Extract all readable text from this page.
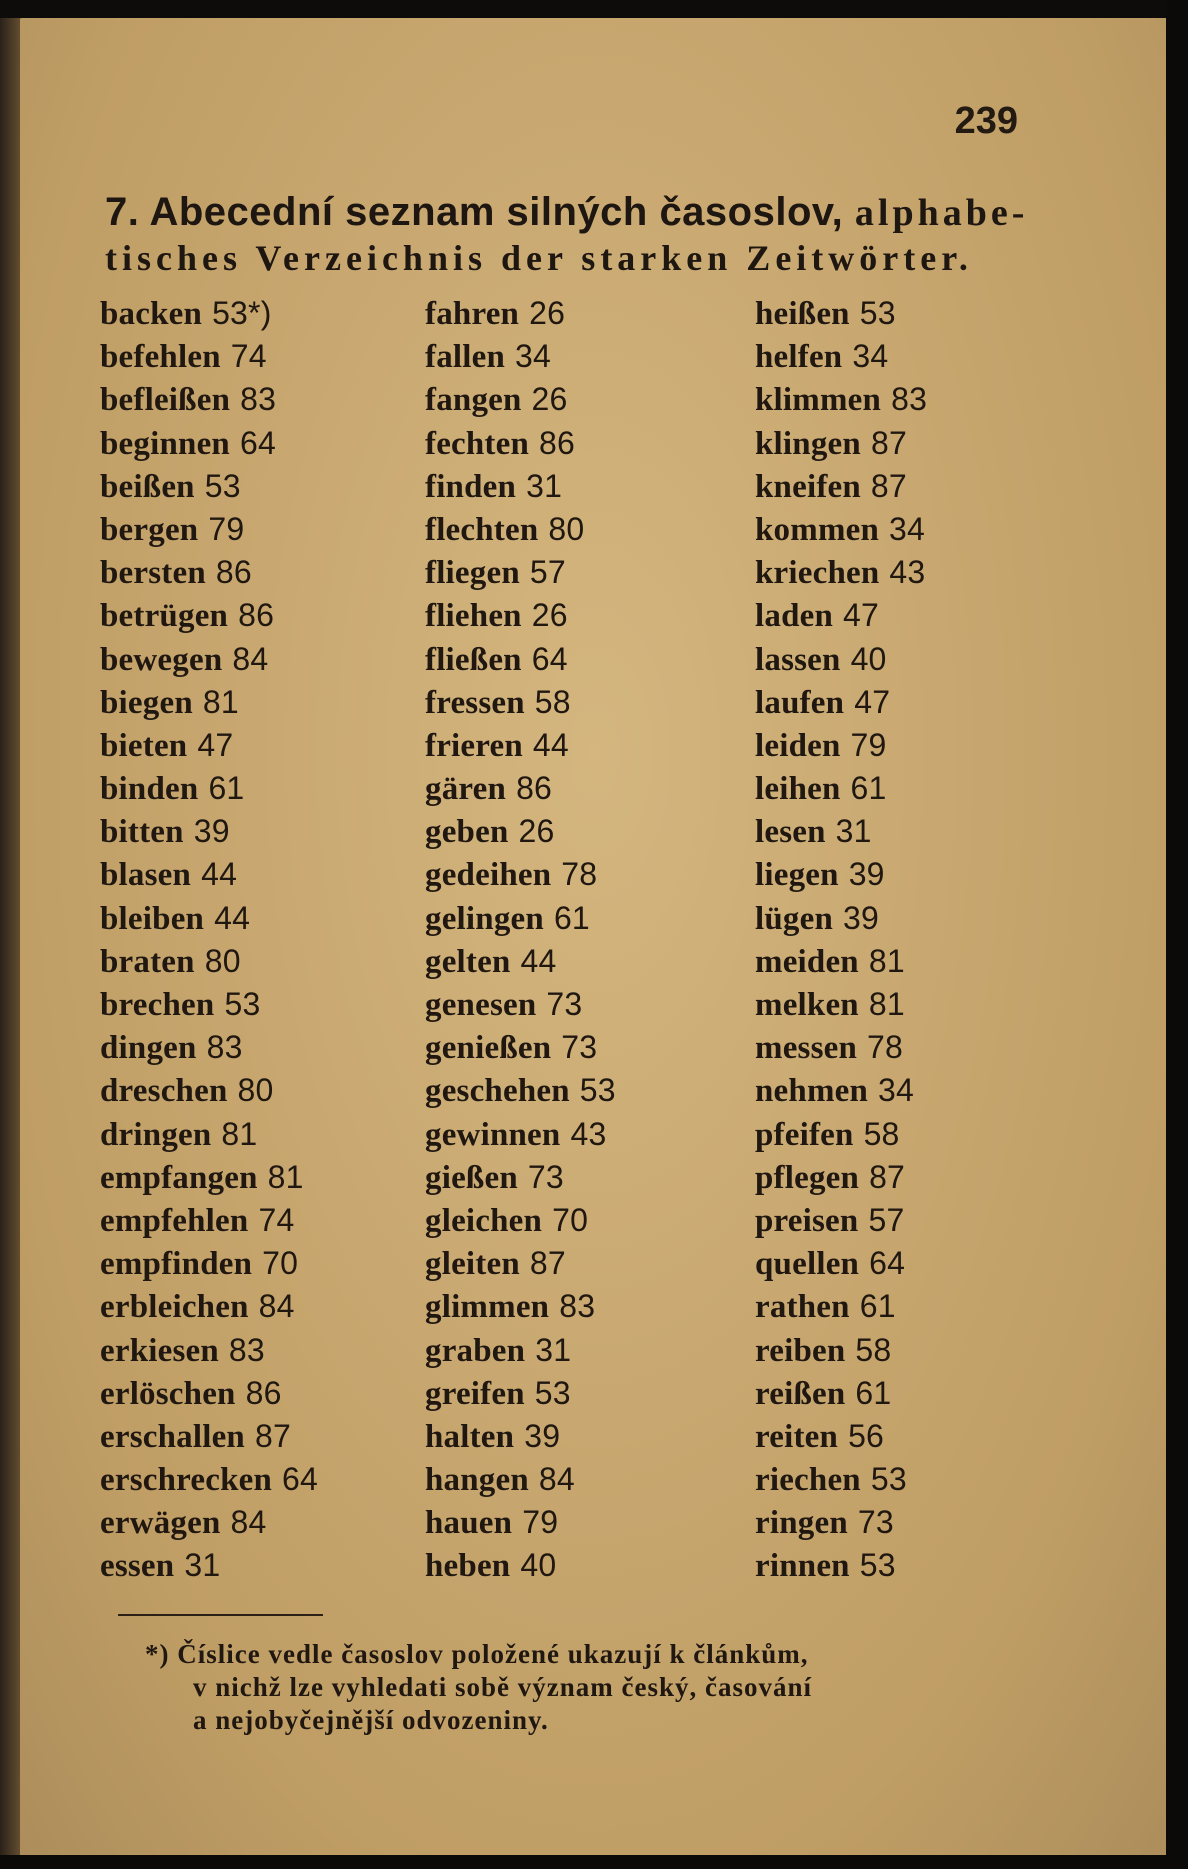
239
7. Abecední seznam silných časoslov, alphabe-
tisches Verzeichnis der starken Zeitwörter.
backen 53*)
befehlen 74
befleißen 83
beginnen 64
beißen 53
bergen 79
bersten 86
betrügen 86
bewegen 84
biegen 81
bieten 47
binden 61
bitten 39
blasen 44
bleiben 44
braten 80
brechen 53
dingen 83
dreschen 80
dringen 81
empfangen 81
empfehlen 74
empfinden 70
erbleichen 84
erkiesen 83
erlöschen 86
erschallen 87
erschrecken 64
erwägen 84
essen 31
fahren 26
fallen 34
fangen 26
fechten 86
finden 31
flechten 80
fliegen 57
fliehen 26
fließen 64
fressen 58
frieren 44
gären 86
geben 26
gedeihen 78
gelingen 61
gelten 44
genesen 73
genießen 73
geschehen 53
gewinnen 43
gießen 73
gleichen 70
gleiten 87
glimmen 83
graben 31
greifen 53
halten 39
hangen 84
hauen 79
heben 40
heißen 53
helfen 34
klimmen 83
klingen 87
kneifen 87
kommen 34
kriechen 43
laden 47
lassen 40
laufen 47
leiden 79
leihen 61
lesen 31
liegen 39
lügen 39
meiden 81
melken 81
messen 78
nehmen 34
pfeifen 58
pflegen 87
preisen 57
quellen 64
rathen 61
reiben 58
reißen 61
reiten 56
riechen 53
ringen 73
rinnen 53
*) Číslice vedle časoslov položené ukazují k článkům,
v nichž lze vyhledati sobě význam český, časování
a nejobyčejnější odvozeniny.
